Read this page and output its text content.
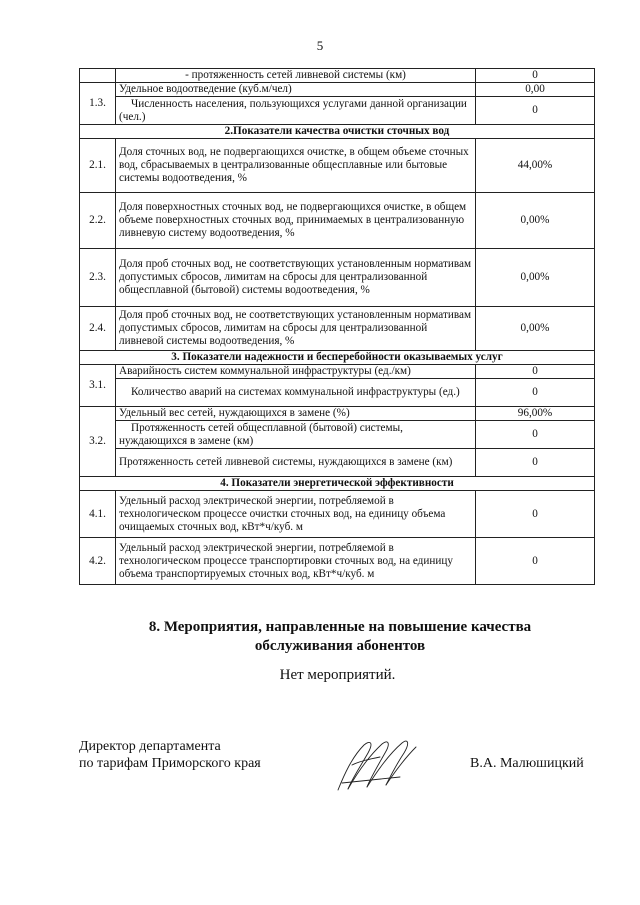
5
	- протяженность сетей ливневой системы (км)	0
1.3.	Удельное водоотведение (куб.м/чел)	0,00
	Численность населения, пользующихся услугами данной организации (чел.)	0
2.Показатели качества очистки сточных вод		
2.1.	Доля сточных вод, не подвергающихся очистке, в общем объеме сточных вод, сбрасываемых в централизованные общесплавные или бытовые системы водоотведения, %	44,00%
2.2.	Доля поверхностных сточных вод, не подвергающихся очистке, в общем объеме поверхностных сточных вод, принимаемых в централизованную ливневую систему водоотведения, %	0,00%
2.3.	Доля проб сточных вод, не соответствующих установленным нормативам допустимых сбросов, лимитам на сбросы для централизованной общесплавной (бытовой) системы водоотведения, %	0,00%
2.4.	Доля проб сточных вод, не соответствующих установленным нормативам допустимых сбросов, лимитам на сбросы для централизованной ливневой системы водоотведения, %	0,00%
3. Показатели надежности и бесперебойности оказываемых услуг		
3.1.	Аварийность систем коммунальной инфраструктуры (ед./км)	0
	Количество аварий на системах коммунальной инфраструктуры (ед.)	0
3.2.	Удельный вес сетей, нуждающихся в замене (%)	96,00%
	Протяженность сетей общесплавной (бытовой) системы, нуждающихся в замене (км)	0
	Протяженность сетей ливневой системы, нуждающихся в замене (км)	0
4. Показатели энергетической эффективности		
4.1.	Удельный расход электрической энергии, потребляемой в технологическом процессе очистки сточных вод, на единицу объема очищаемых сточных вод, кВт*ч/куб. м	0
4.2.	Удельный расход электрической энергии, потребляемой в технологическом процессе транспортировки сточных вод, на единицу объема транспортируемых сточных вод, кВт*ч/куб. м	0
8. Мероприятия, направленные на повышение качества
обслуживания абонентов
Нет мероприятий.
Директор департамента
по тарифам Приморского края	В.А. Малюшицкий
